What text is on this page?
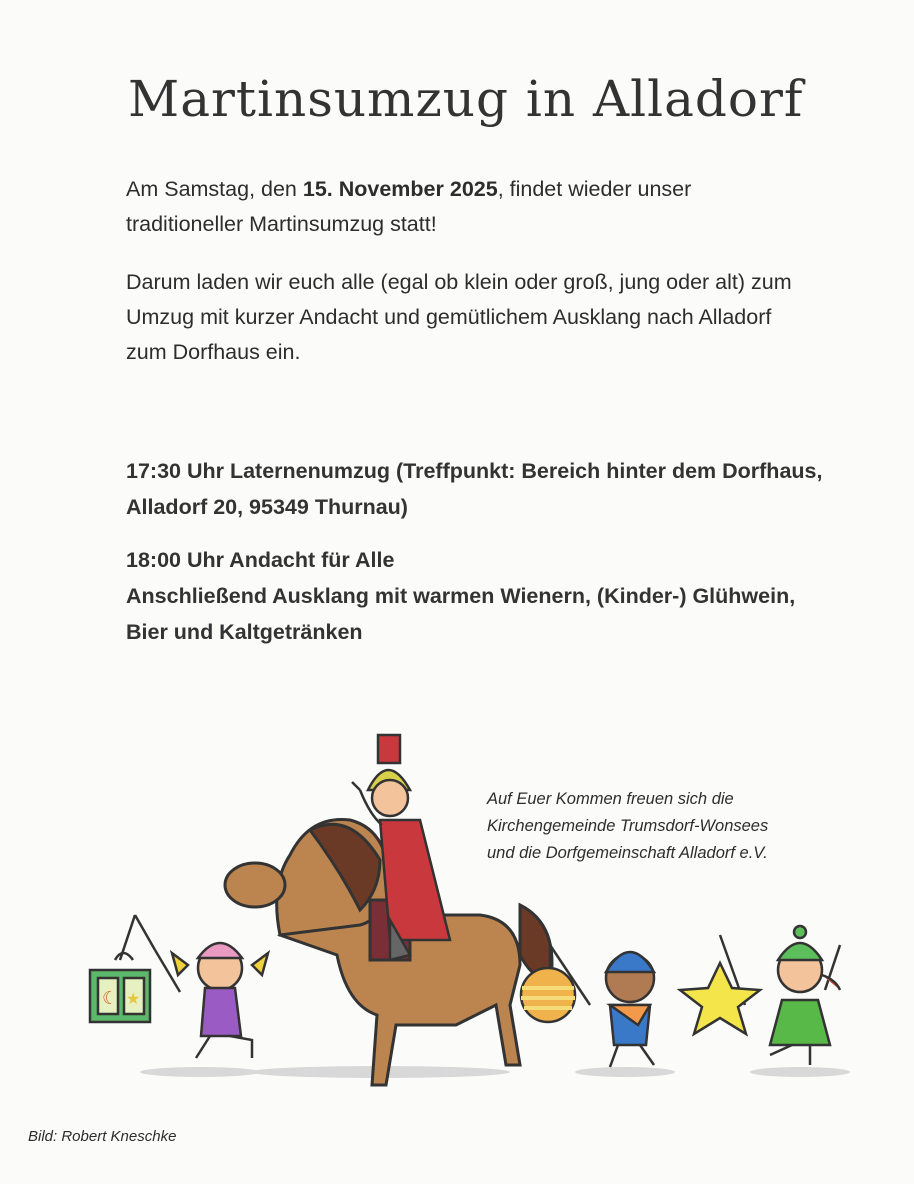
Martinsumzug in Alladorf
Am Samstag, den 15. November 2025, findet wieder unser traditioneller Martinsumzug statt!
Darum laden wir euch alle (egal ob klein oder groß, jung oder alt) zum Umzug mit kurzer Andacht und gemütlichem Ausklang nach Alladorf zum Dorfhaus ein.
17:30 Uhr Laternenumzug (Treffpunkt: Bereich hinter dem Dorfhaus, Alladorf 20, 95349 Thurnau)
18:00 Uhr Andacht für Alle
Anschließend Ausklang mit warmen Wienern, (Kinder-) Glühwein, Bier und Kaltgetränken
☾ ★
Auf Euer Kommen freuen sich die
Kirchengemeinde Trumsdorf-Wonsees
und die Dorfgemeinschaft Alladorf e.V.
Bild: Robert Kneschke
